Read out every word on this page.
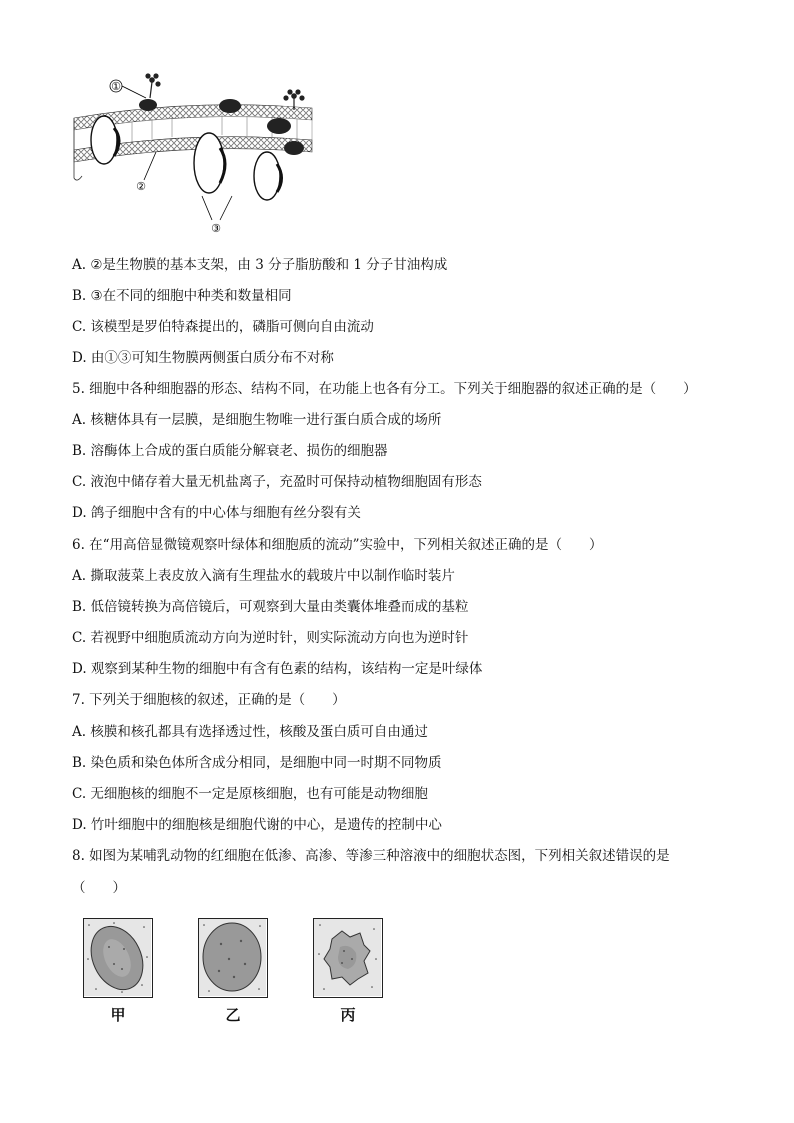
①
②
③
A. ②是生物膜的基本支架，由 3 分子脂肪酸和 1 分子甘油构成
B. ③在不同的细胞中种类和数量相同
C. 该模型是罗伯特森提出的，磷脂可侧向自由流动
D. 由①③可知生物膜两侧蛋白质分布不对称
5. 细胞中各种细胞器的形态、结构不同，在功能上也各有分工。下列关于细胞器的叙述正确的是（　　）
A. 核糖体具有一层膜，是细胞生物唯一进行蛋白质合成的场所
B. 溶酶体上合成的蛋白质能分解衰老、损伤的细胞器
C. 液泡中储存着大量无机盐离子，充盈时可保持动植物细胞固有形态
D. 鸽子细胞中含有的中心体与细胞有丝分裂有关
6. 在“用高倍显微镜观察叶绿体和细胞质的流动”实验中，下列相关叙述正确的是（　　）
A. 撕取菠菜上表皮放入滴有生理盐水的载玻片中以制作临时装片
B. 低倍镜转换为高倍镜后，可观察到大量由类囊体堆叠而成的基粒
C. 若视野中细胞质流动方向为逆时针，则实际流动方向也为逆时针
D. 观察到某种生物的细胞中有含有色素的结构，该结构一定是叶绿体
7. 下列关于细胞核的叙述，正确的是（　　）
A. 核膜和核孔都具有选择透过性，核酸及蛋白质可自由通过
B. 染色质和染色体所含成分相同，是细胞中同一时期不同物质
C. 无细胞核的细胞不一定是原核细胞，也有可能是动物细胞
D. 竹叶细胞中的细胞核是细胞代谢的中心，是遗传的控制中心
8. 如图为某哺乳动物的红细胞在低渗、高渗、等渗三种溶液中的细胞状态图，下列相关叙述错误的是
（　　）
甲	乙	丙
